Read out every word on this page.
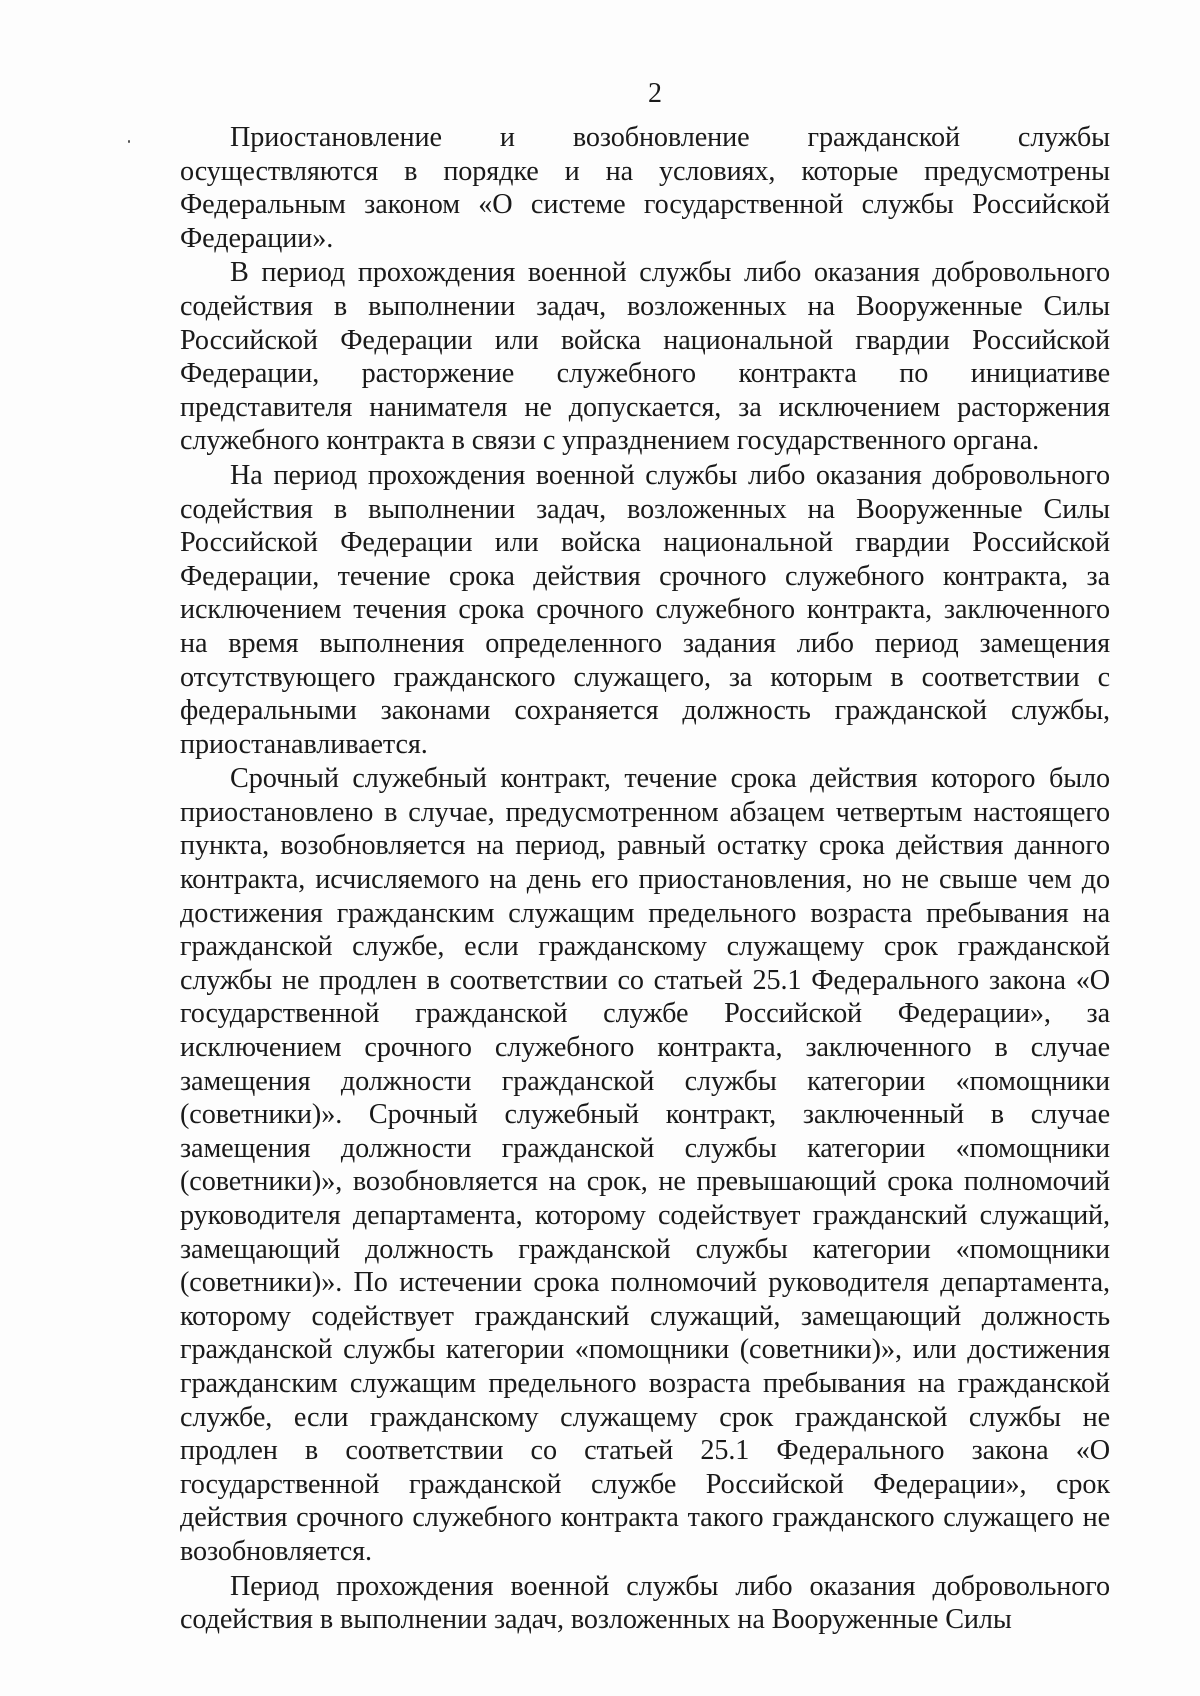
2

Приостановление и возобновление гражданской службы осуществляются в порядке и на условиях, которые предусмотрены Федеральным законом «О системе государственной службы Российской Федерации».

В период прохождения военной службы либо оказания добровольного содействия в выполнении задач, возложенных на Вооруженные Силы Российской Федерации или войска национальной гвардии Российской Федерации, расторжение служебного контракта по инициативе представителя нанимателя не допускается, за исключением расторжения служебного контракта в связи с упразднением государственного органа.

На период прохождения военной службы либо оказания добровольного содействия в выполнении задач, возложенных на Вооруженные Силы Российской Федерации или войска национальной гвардии Российской Федерации, течение срока действия срочного служебного контракта, за исключением течения срока срочного служебного контракта, заключенного на время выполнения определенного задания либо период замещения отсутствующего гражданского служащего, за которым в соответствии с федеральными законами сохраняется должность гражданской службы, приостанавливается.

Срочный служебный контракт, течение срока действия которого было приостановлено в случае, предусмотренном абзацем четвертым настоящего пункта, возобновляется на период, равный остатку срока действия данного контракта, исчисляемого на день его приостановления, но не свыше чем до достижения гражданским служащим предельного возраста пребывания на гражданской службе, если гражданскому служащему срок гражданской службы не продлен в соответствии со статьей 25.1 Федерального закона «О государственной гражданской службе Российской Федерации», за исключением срочного служебного контракта, заключенного в случае замещения должности гражданской службы категории «помощники (советники)». Срочный служебный контракт, заключенный в случае замещения должности гражданской службы категории «помощники (советники)», возобновляется на срок, не превышающий срока полномочий руководителя департамента, которому содействует гражданский служащий, замещающий должность гражданской службы категории «помощники (советники)». По истечении срока полномочий руководителя департамента, которому содействует гражданский служащий, замещающий должность гражданской службы категории «помощники (советники)», или достижения гражданским служащим предельного возраста пребывания на гражданской службе, если гражданскому служащему срок гражданской службы не продлен в соответствии со статьей 25.1 Федерального закона «О государственной гражданской службе Российской Федерации», срок действия срочного служебного контракта такого гражданского служащего не возобновляется.

Период прохождения военной службы либо оказания добровольного содействия в выполнении задач, возложенных на Вооруженные Силы
